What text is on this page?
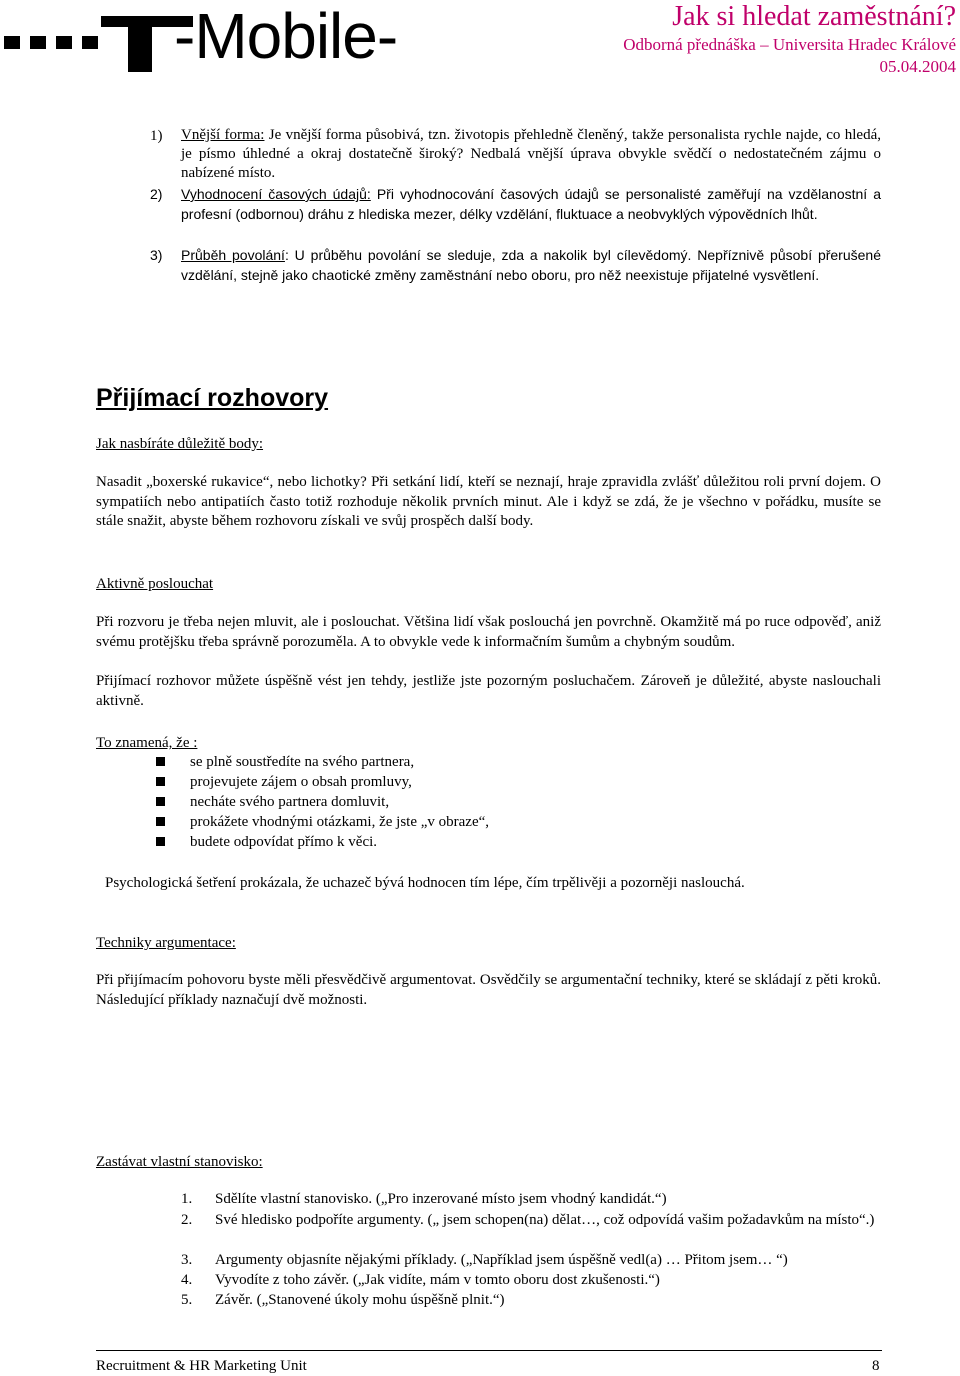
-Mobile-	Jak si hledat zaměstnání?
Odborná přednáška – Universita Hradec Králové
05.04.2004
1) Vnější forma: Je vnější forma působivá, tzn. životopis přehledně členěný, takže personalista rychle najde, co hledá, je písmo úhledné a okraj dostatečně široký? Nedbalá vnější úprava obvykle svědčí o nedostatečném zájmu o nabízené místo.
2) Vyhodnocení časových údajů: Při vyhodnocování časových údajů se personalisté zaměřují na vzdělanostní a profesní (odbornou) dráhu z hlediska mezer, délky vzdělání, fluktuace a neobvyklých výpovědních lhůt.
3) Průběh povolání: U průběhu povolání se sleduje, zda a nakolik byl cílevědomý. Nepříznivě působí přerušené vzdělání, stejně jako chaotické změny zaměstnání nebo oboru, pro něž neexistuje přijatelné vysvětlení.
Přijímací rozhovory
Jak nasbíráte důležitě body:
Nasadit „boxerské rukavice“, nebo lichotky? Při setkání lidí, kteří se neznají, hraje zpravidla zvlášť důležitou roli první dojem. O sympatiích nebo antipatiích často totiž rozhoduje několik prvních minut. Ale i když se zdá, že je všechno v pořádku, musíte se stále snažit, abyste během rozhovoru získali ve svůj prospěch další body.
Aktivně poslouchat
Při rozvoru je třeba nejen mluvit, ale i poslouchat. Většina lidí však poslouchá jen povrchně. Okamžitě má po ruce odpověď, aniž svému protějšku třeba správně porozuměla. A to obvykle vede k informačním šumům a chybným soudům.
Přijímací rozhovor můžete úspěšně vést jen tehdy, jestliže jste pozorným posluchačem. Zároveň je důležité, abyste naslouchali aktivně.
To znamená, že :
se plně soustředíte na svého partnera,
projevujete zájem o obsah promluvy,
necháte svého partnera domluvit,
prokážete vhodnými otázkami, že jste „v obraze“,
budete odpovídat přímo k věci.
Psychologická šetření prokázala, že uchazeč bývá hodnocen tím lépe, čím trpělivěji a pozorněji naslouchá.
Techniky argumentace:
Při přijímacím pohovoru byste měli přesvědčivě argumentovat. Osvědčily se argumentační techniky, které se skládají z pěti kroků. Následující příklady naznačují dvě možnosti.
Zastávat vlastní stanovisko:
1. Sdělíte vlastní stanovisko. („Pro inzerované místo jsem vhodný kandidát.“)
2. Své hledisko podpoříte argumenty. („ jsem schopen(na) dělat…, což odpovídá vašim požadavkům na místo“.)
3. Argumenty objasníte nějakými příklady. („Například jsem úspěšně vedl(a) … Přitom jsem… “)
4. Vyvodíte z toho závěr. („Jak vidíte, mám v tomto oboru dost zkušenosti.“)
5. Závěr. („Stanovené úkoly mohu úspěšně plnit.“)
Recruitment & HR Marketing Unit	8
